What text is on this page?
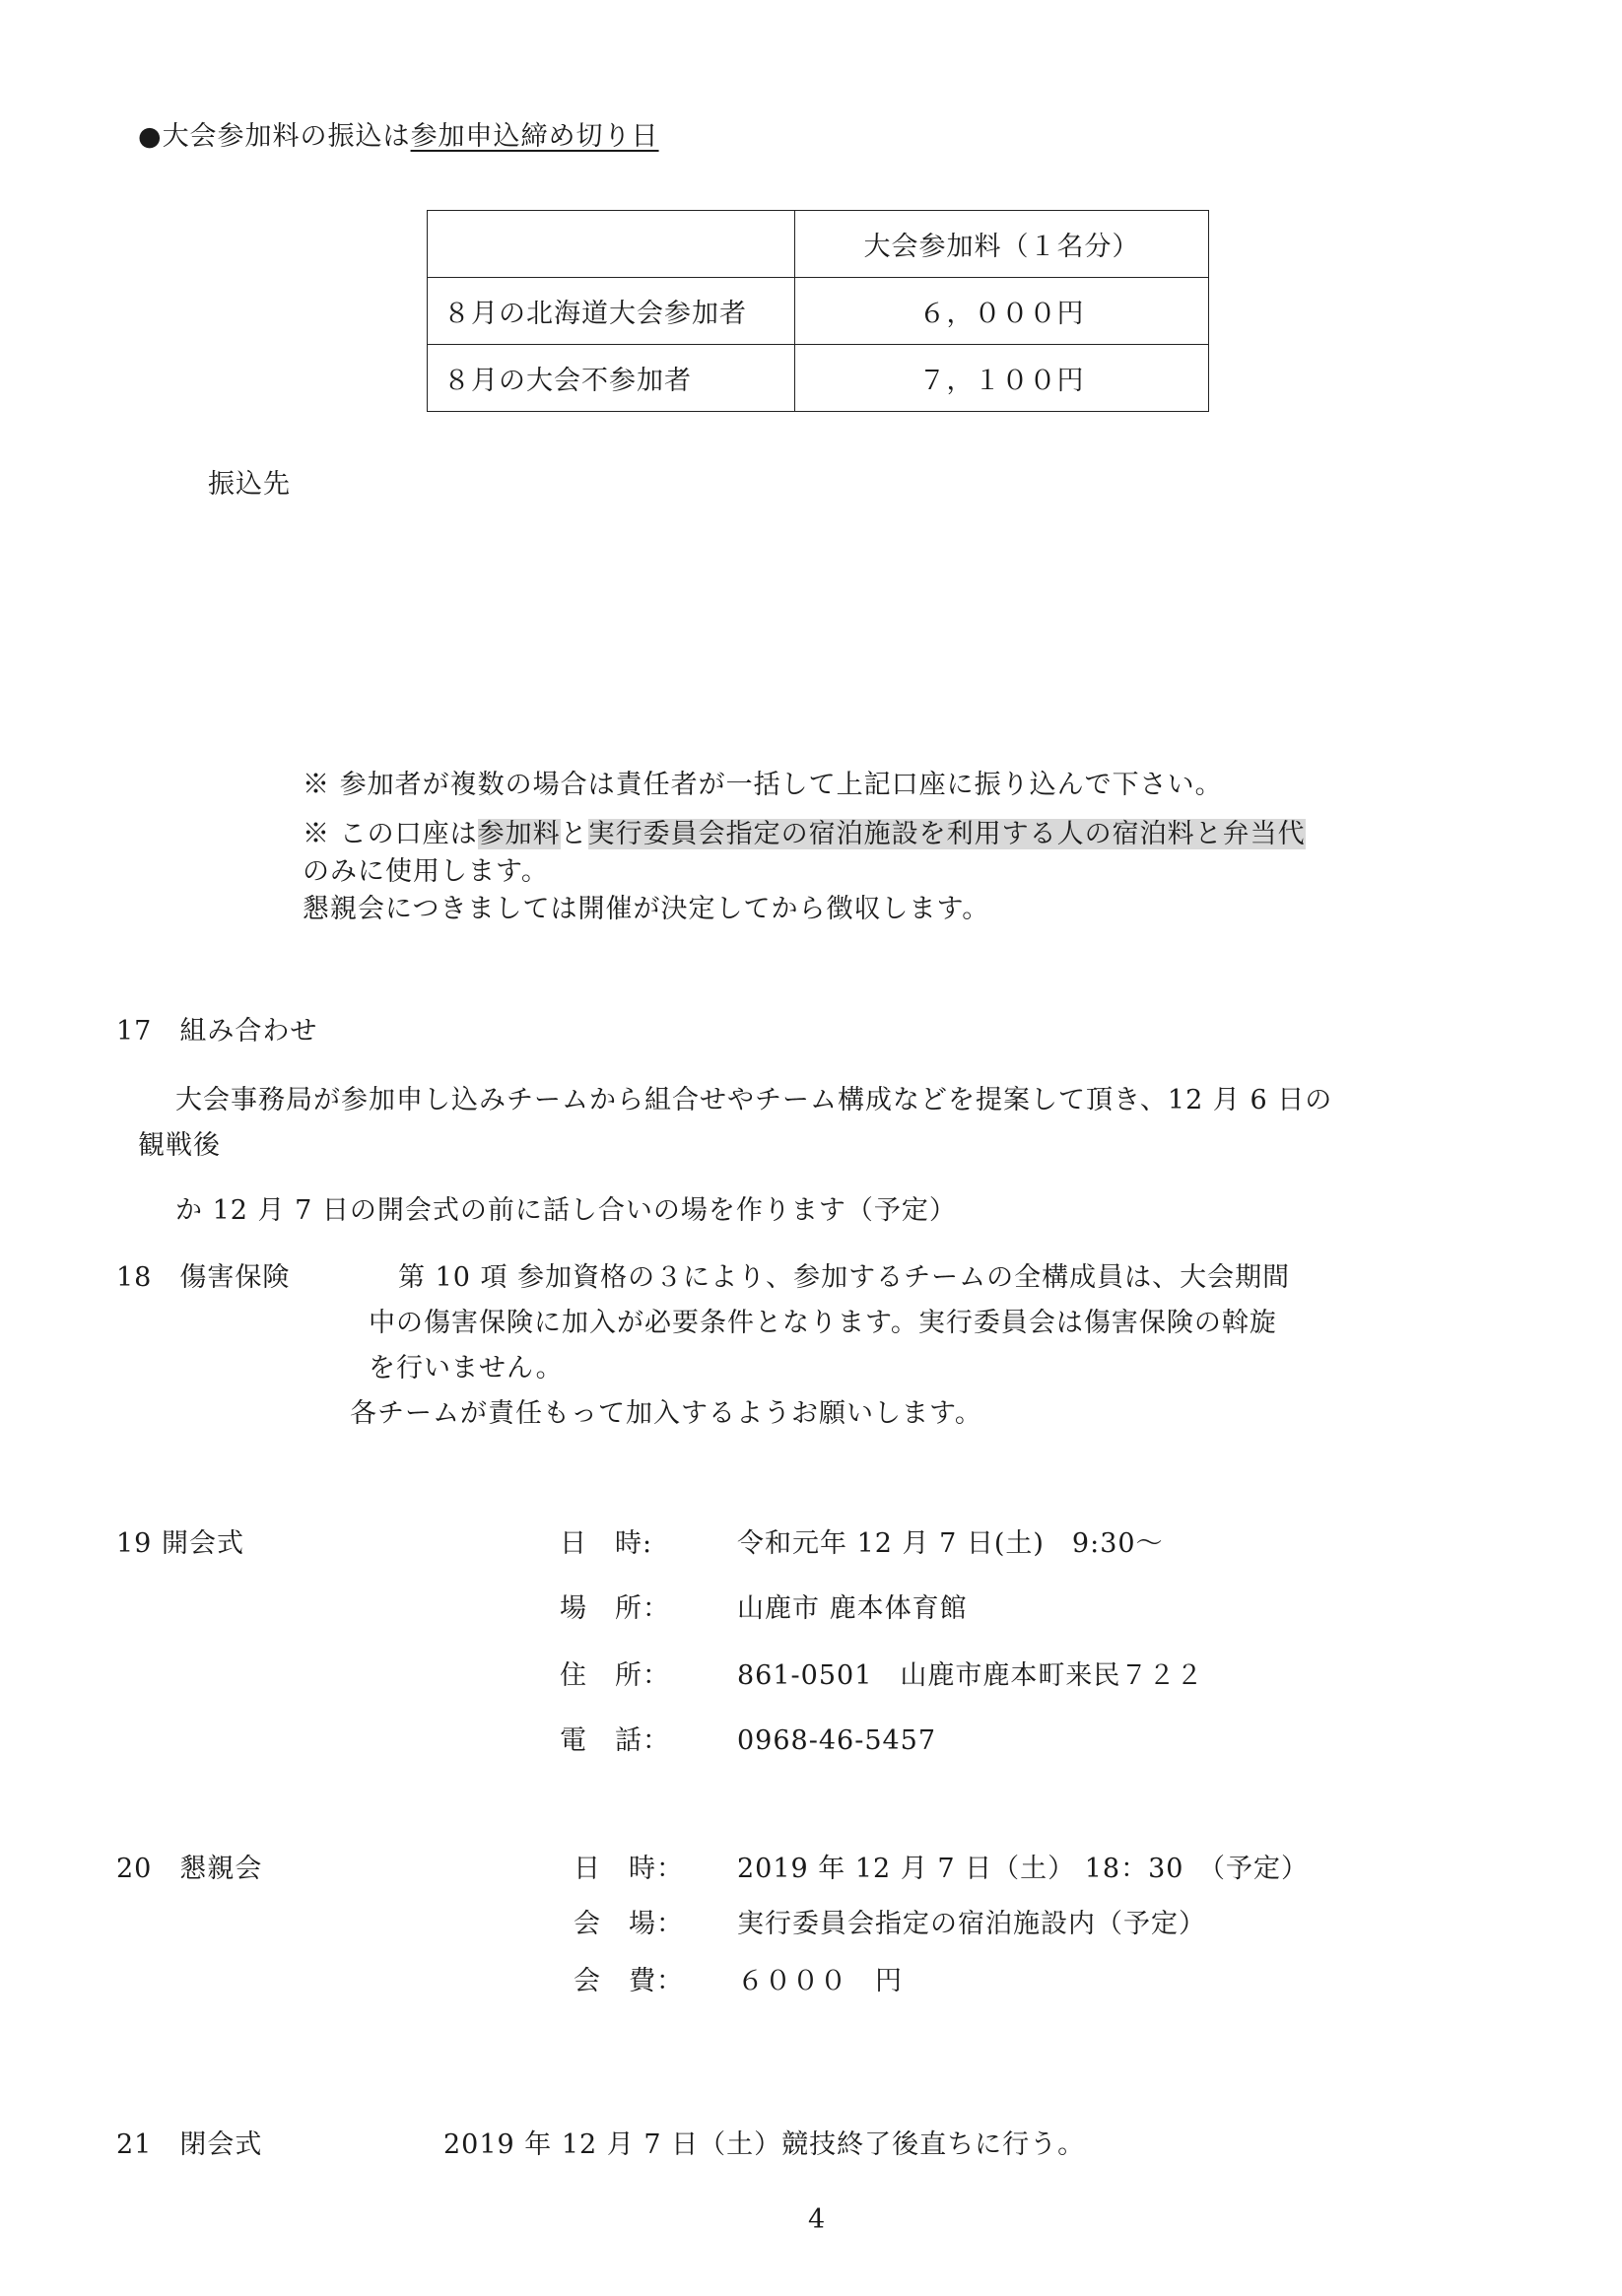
●大会参加料の振込は参加申込締め切り日
	大会参加料（１名分）
８月の北海道大会参加者	６，０００円
８月の大会不参加者	７，１００円
振込先
※ 参加者が複数の場合は責任者が一括して上記口座に振り込んで下さい。
※ この口座は参加料と実行委員会指定の宿泊施設を利用する人の宿泊料と弁当代
のみに使用します。
懇親会につきましては開催が決定してから徴収します。
17　組み合わせ
大会事務局が参加申し込みチームから組合せやチーム構成などを提案して頂き、12 月 6 日の
観戦後
か 12 月 7 日の開会式の前に話し合いの場を作ります（予定）
18　傷害保険	第 10 項 参加資格の３により、参加するチームの全構成員は、大会期間
中の傷害保険に加入が必要条件となります。実行委員会は傷害保険の斡旋
を行いません。
各チームが責任もって加入するようお願いします。
19 開会式	日　時:	令和元年 12 月 7 日(土)　9:30～
場　所：	山鹿市 鹿本体育館
住　所：	861-0501　山鹿市鹿本町来民７２２
電　話：	0968-46-5457
20　懇親会	日　時： 2019 年 12 月 7 日（土） 18：30　（予定）
会　場： 実行委員会指定の宿泊施設内（予定）
会　費： ６０００　円
21　閉会式	2019 年 12 月 7 日（土）競技終了後直ちに行う。
4
